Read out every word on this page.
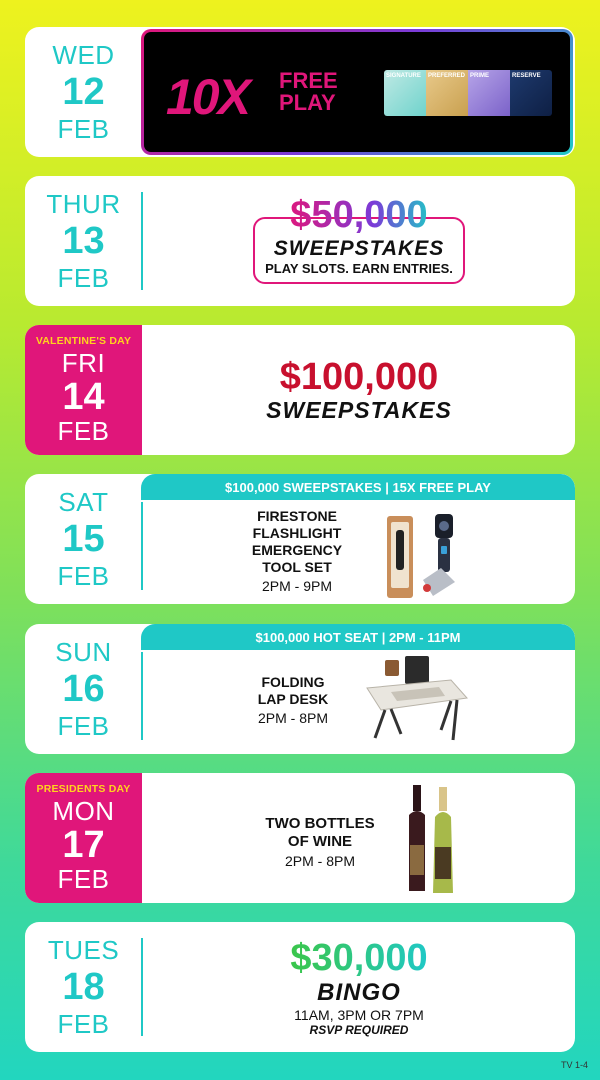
WED
12
FEB
10X FREE
PLAY
SIGNATURE	PREFERRED PRIME	RESERVE
THUR
13
FEB
$50,000
SWEEPSTAKES
PLAY SLOTS. EARN ENTRIES.
VALENTINE'S DAY
FRI
14
FEB
$100,000
SWEEPSTAKES
SAT
15
FEB
$100,000 SWEEPSTAKES | 15X FREE PLAY
FIRESTONE
FLASHLIGHT
EMERGENCY
TOOL SET
2PM - 9PM
SUN
16
FEB
$100,000 HOT SEAT | 2PM - 11PM
FOLDING
LAP DESK
2PM - 8PM
PRESIDENTS DAY
MON
17
FEB
TWO BOTTLES
OF WINE
2PM - 8PM
TUES
18
FEB
$30,000
BINGO
11AM, 3PM OR 7PM
RSVP REQUIRED
TV 1-4
